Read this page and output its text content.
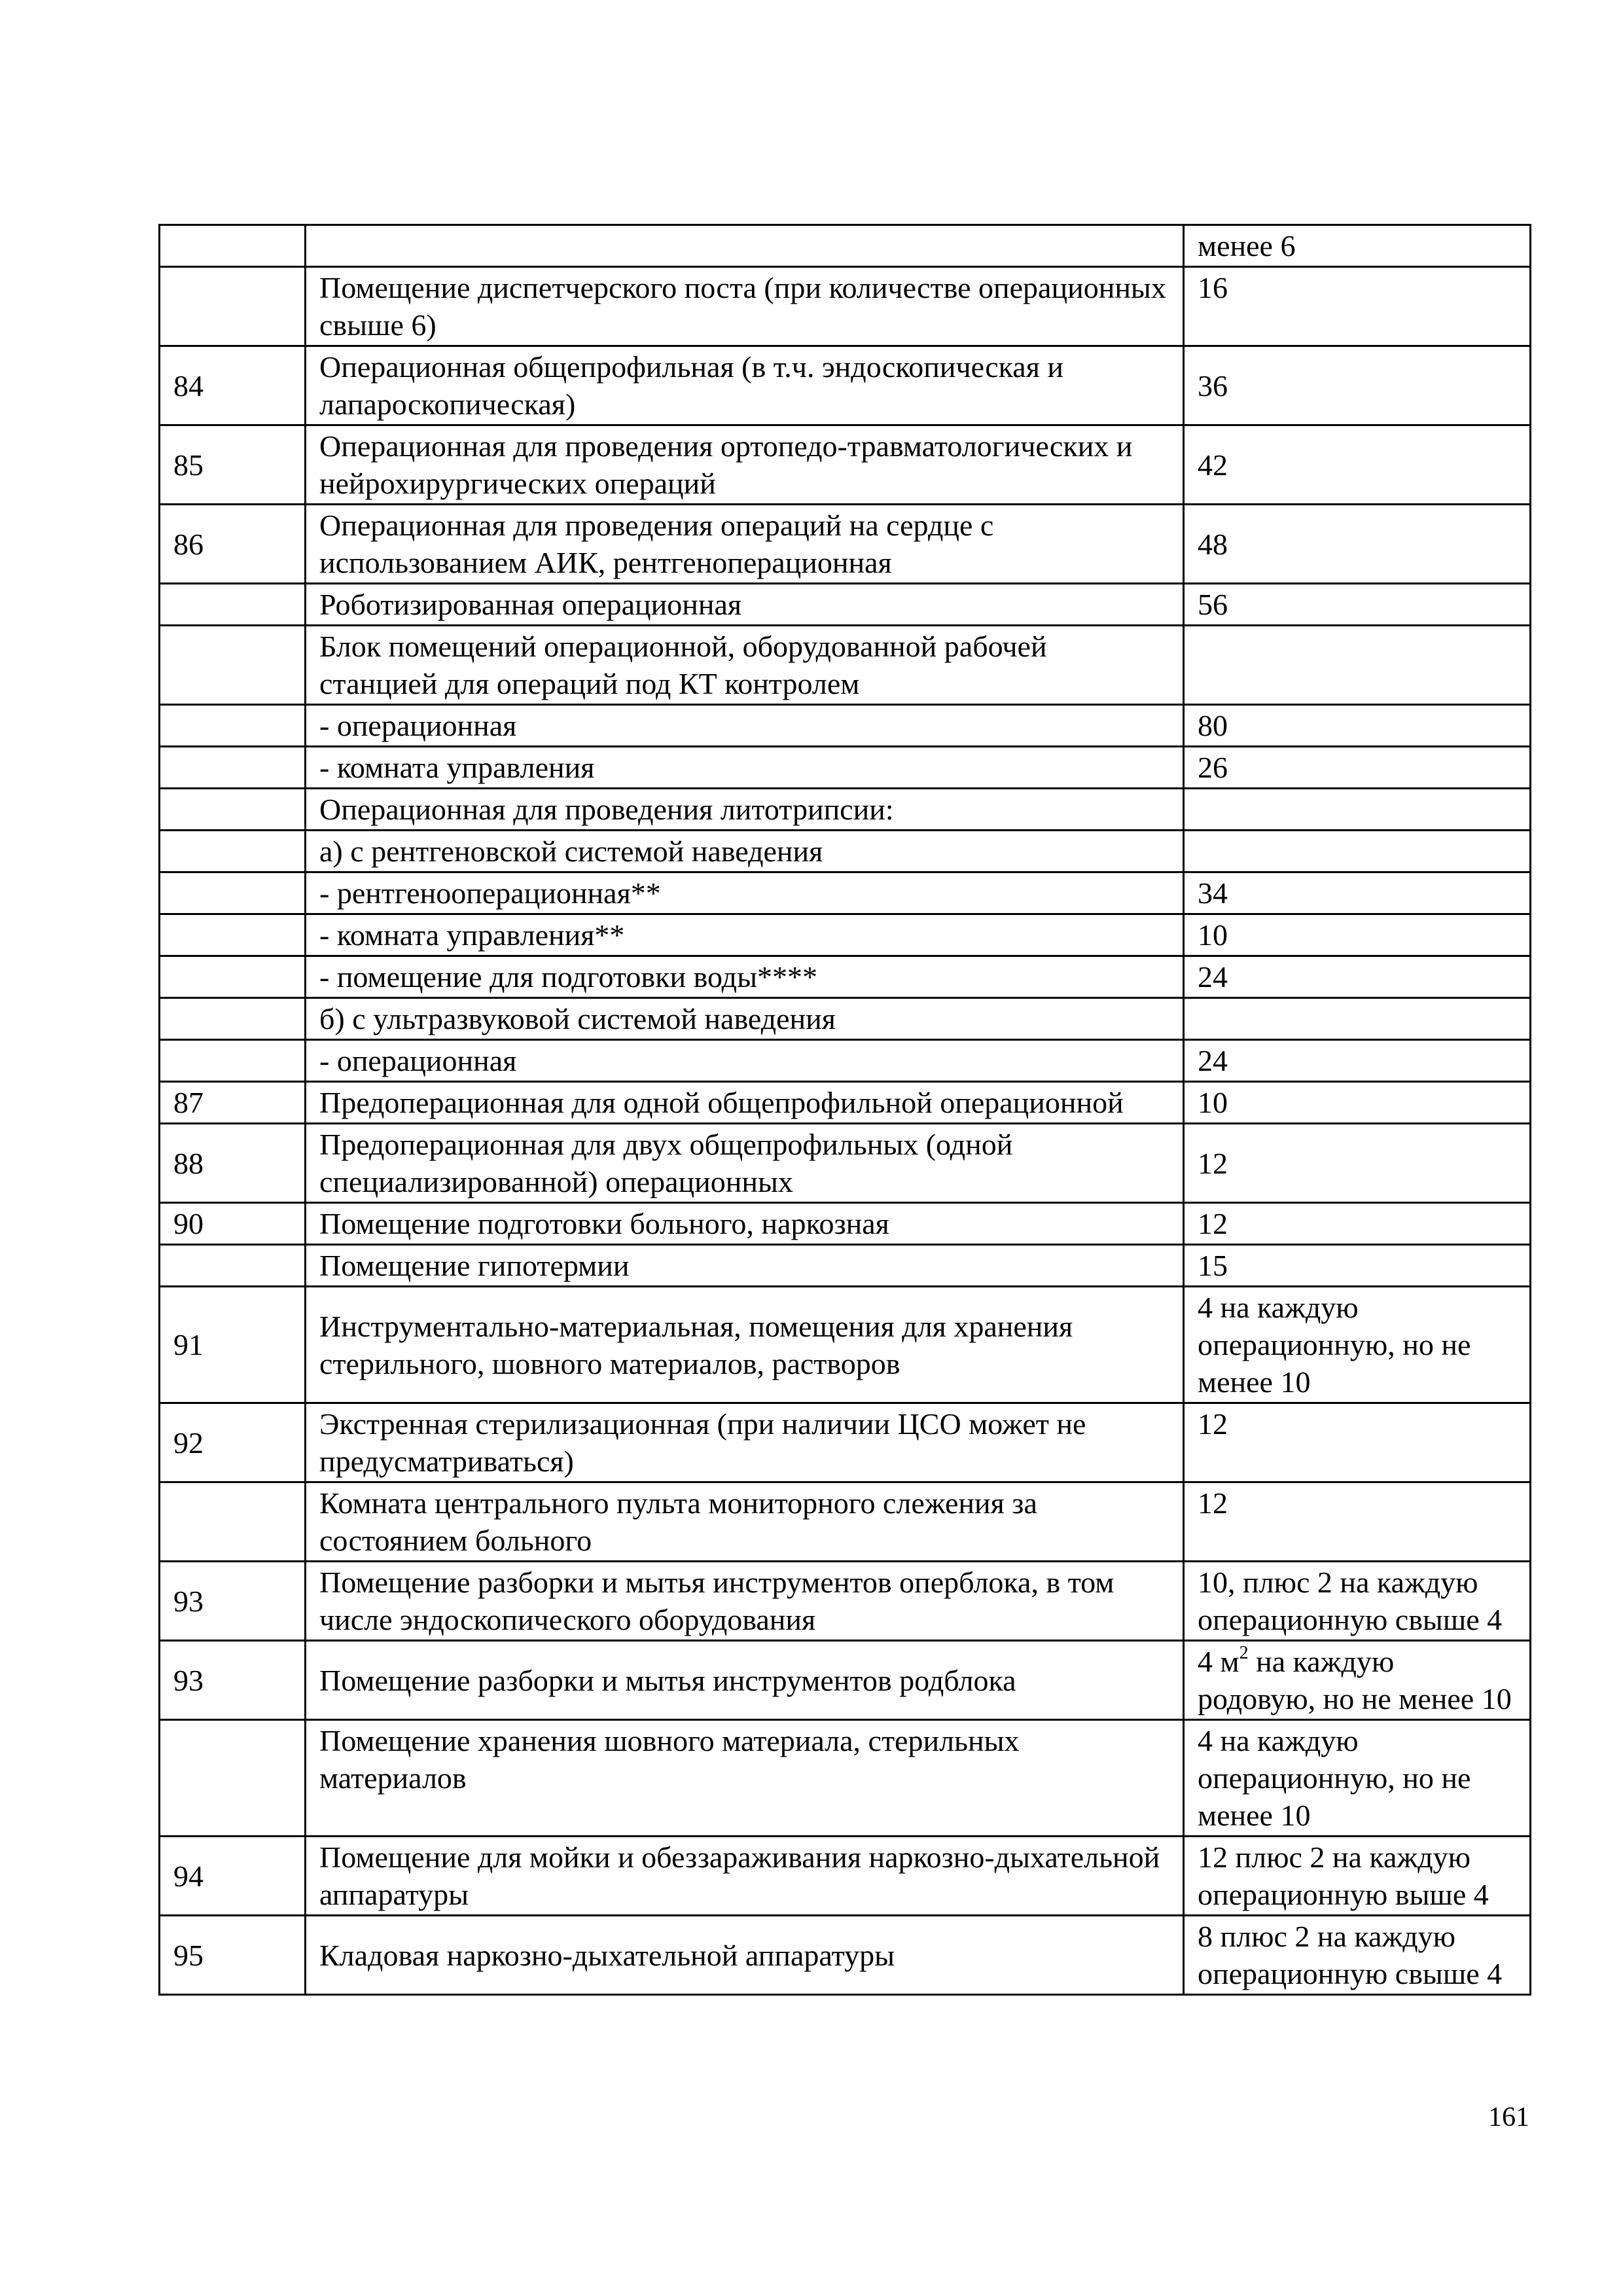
		менее 6
	Помещение диспетчерского поста (при количестве операционных свыше 6)	16
84	Операционная общепрофильная (в т.ч. эндоскопическая и лапароскопическая)	36
85	Операционная для проведения ортопедо-травматологических и нейрохирургических операций	42
86	Операционная для проведения операций на сердце с использованием АИК, рентгеноперационная	48
	Роботизированная операционная	56
	Блок помещений операционной, оборудованной рабочей станцией для операций под КТ контролем	
	- операционная	80
	- комната управления	26
	Операционная для проведения литотрипсии:	
	а) с рентгеновской системой наведения	
	- рентгенооперационная**	34
	- комната управления**	10
	- помещение для подготовки воды****	24
	б) с ультразвуковой системой наведения	
	- операционная	24
87	Предоперационная для одной общепрофильной операционной	10
88	Предоперационная для двух общепрофильных (одной специализированной) операционных	12
90	Помещение подготовки больного, наркозная	12
	Помещение гипотермии	15
91	Инструментально-материальная, помещения для хранения стерильного, шовного материалов, растворов	4 на каждую операционную, но не менее 10
92	Экстренная стерилизационная (при наличии ЦСО может не предусматриваться)	12
	Комната центрального пульта мониторного слежения за состоянием больного	12
93	Помещение разборки и мытья инструментов оперблока, в том числе эндоскопического оборудования	10, плюс 2 на каждую операционную свыше 4
93	Помещение разборки и мытья инструментов родблока	4 $м^2$ на каждую родовую, но не менее 10
	Помещение хранения шовного материала, стерильных материалов	4 на каждую операционную, но не менее 10
94	Помещение для мойки и обеззараживания наркозно-дыхательной аппаратуры	12 плюс 2 на каждую операционную выше 4
95	Кладовая наркозно-дыхательной аппаратуры	8 плюс 2 на каждую операционную свыше 4
161
